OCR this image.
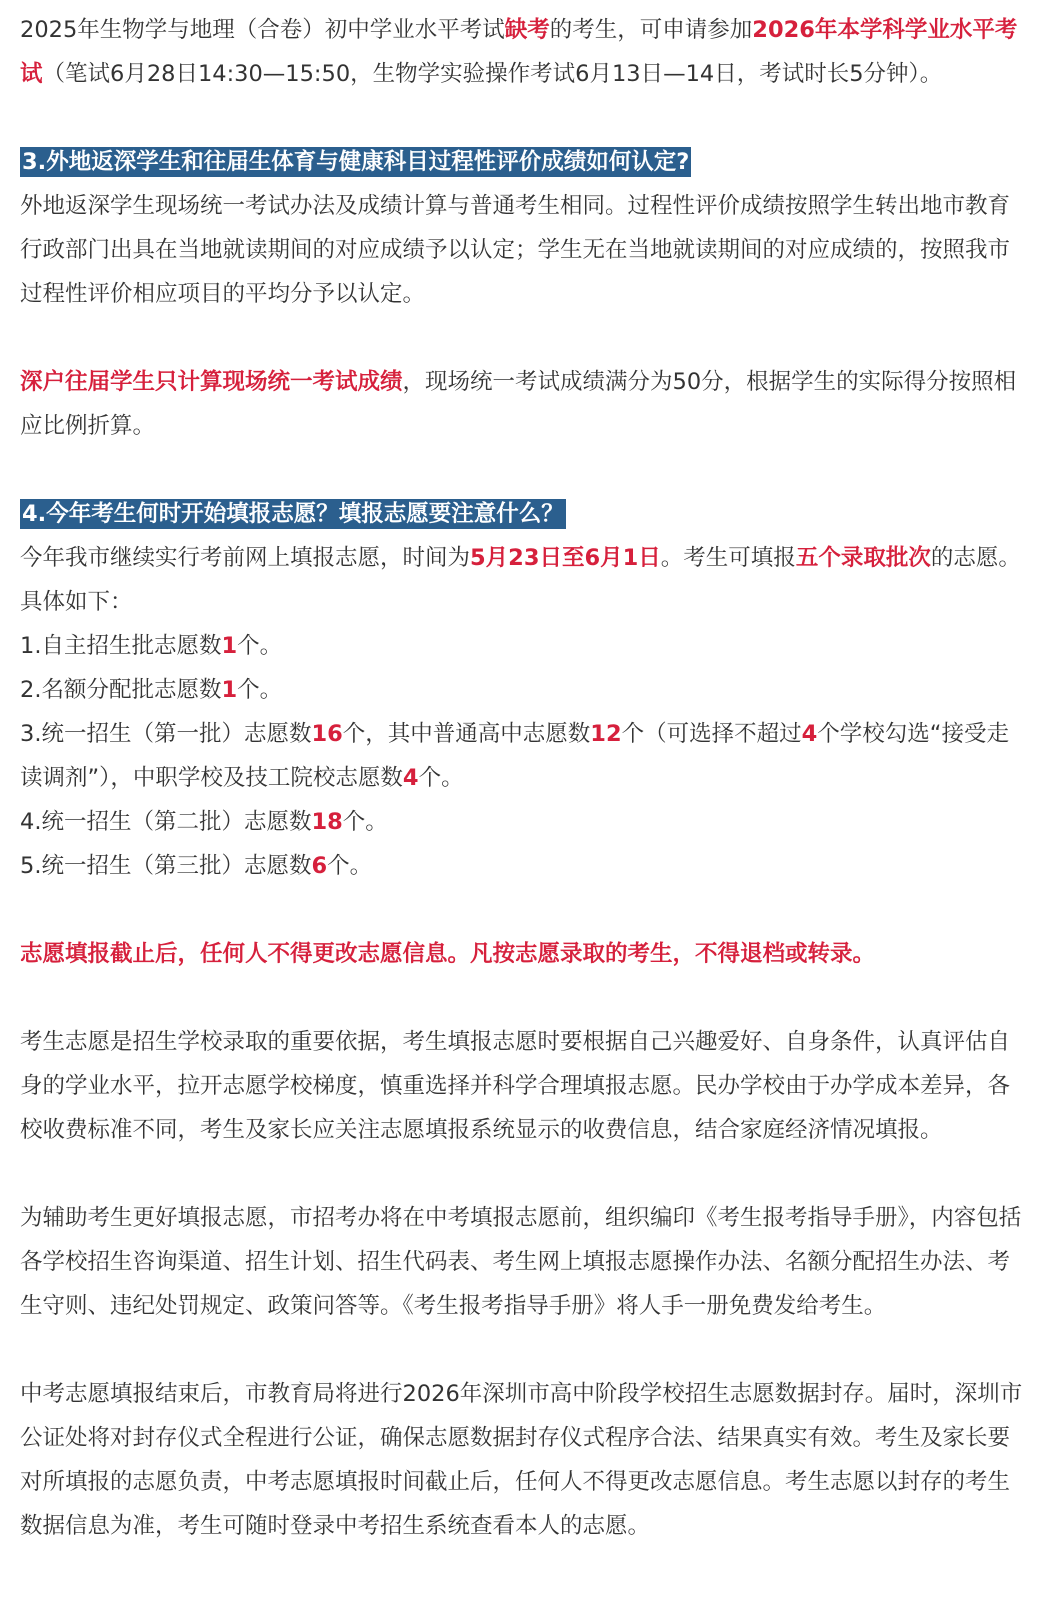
2025年生物学与地理（合卷）初中学业水平考试缺考的考生，可申请参加2026年本学科学业水平考试（笔试6月28日14:30—15:50，生物学实验操作考试6月13日—14日，考试时长5分钟）。

3.外地返深学生和往届生体育与健康科目过程性评价成绩如何认定?

外地返深学生现场统一考试办法及成绩计算与普通考生相同。过程性评价成绩按照学生转出地市教育行政部门出具在当地就读期间的对应成绩予以认定；学生无在当地就读期间的对应成绩的，按照我市过程性评价相应项目的平均分予以认定。

深户往届学生只计算现场统一考试成绩，现场统一考试成绩满分为50分，根据学生的实际得分按照相应比例折算。

4.今年考生何时开始填报志愿？填报志愿要注意什么？

今年我市继续实行考前网上填报志愿，时间为5月23日至6月1日。考生可填报五个录取批次的志愿。具体如下：

1.自主招生批志愿数1个。

2.名额分配批志愿数1个。

3.统一招生（第一批）志愿数16个，其中普通高中志愿数12个（可选择不超过4个学校勾选“接受走读调剂”），中职学校及技工院校志愿数4个。

4.统一招生（第二批）志愿数18个。

5.统一招生（第三批）志愿数6个。

志愿填报截止后，任何人不得更改志愿信息。凡按志愿录取的考生，不得退档或转录。

考生志愿是招生学校录取的重要依据，考生填报志愿时要根据自己兴趣爱好、自身条件，认真评估自身的学业水平，拉开志愿学校梯度，慎重选择并科学合理填报志愿。民办学校由于办学成本差异，各校收费标准不同，考生及家长应关注志愿填报系统显示的收费信息，结合家庭经济情况填报。

为辅助考生更好填报志愿，市招考办将在中考填报志愿前，组织编印《考生报考指导手册》，内容包括各学校招生咨询渠道、招生计划、招生代码表、考生网上填报志愿操作办法、名额分配招生办法、考生守则、违纪处罚规定、政策问答等。《考生报考指导手册》将人手一册免费发给考生。

中考志愿填报结束后，市教育局将进行2026年深圳市高中阶段学校招生志愿数据封存。届时，深圳市公证处将对封存仪式全程进行公证，确保志愿数据封存仪式程序合法、结果真实有效。考生及家长要对所填报的志愿负责，中考志愿填报时间截止后，任何人不得更改志愿信息。考生志愿以封存的考生数据信息为准，考生可随时登录中考招生系统查看本人的志愿。
